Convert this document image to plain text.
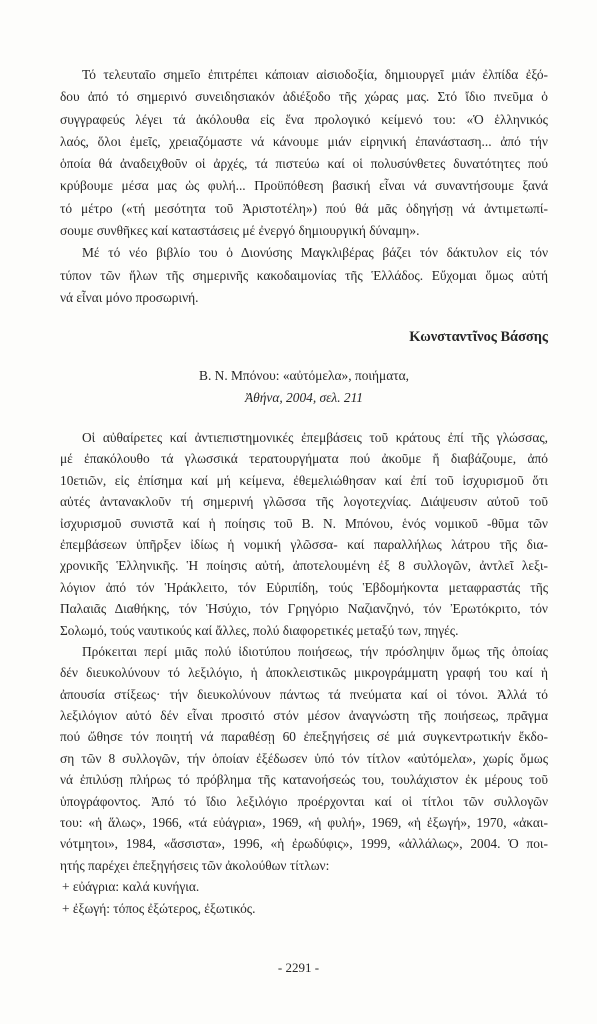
Τό τελευταῖο σημεῖο ἐπιτρέπει κάποιαν αἰσιοδοξία, δημιουργεῖ μιάν ἐλπίδα ἐξό-
δου ἀπό τό σημερινό συνειδησιακόν ἀδιέξοδο τῆς χώρας μας. Στό ἴδιο πνεῦμα ὁ
συγγραφεύς λέγει τά ἀκόλουθα εἰς ἕνα προλογικό κείμενό του: «Ὁ ἑλληνικός
λαός, ὅλοι ἐμεῖς, χρειαζόμαστε νά κάνουμε μιάν εἰρηνική ἐπανάσταση... ἀπό τήν
ὁποία θά ἀναδειχθοῦν οἱ ἀρχές, τά πιστεύω καί οἱ πολυσύνθετες δυνατότητες πού
κρύβουμε μέσα μας ὡς φυλή... Προϋπόθεση βασική εἶναι νά συναντήσουμε ξανά
τό μέτρο («τή μεσότητα τοῦ Ἀριστοτέλη») πού θά μᾶς ὁδηγήσῃ νά ἀντιμετωπί-
σουμε συνθῆκες καί καταστάσεις μέ ἐνεργό δημιουργική δύναμη».
Μέ τό νέο βιβλίο του ὁ Διονύσης Μαγκλιβέρας βάζει τόν δάκτυλον εἰς τόν
τύπον τῶν ἥλων τῆς σημερινῆς κακοδαιμονίας τῆς Ἑλλάδος. Εὔχομαι ὅμως αὐτή
νά εἶναι μόνο προσωρινή.
Κωνσταντῖνος Βάσσης
Β. Ν. Μπόνου: «αὐτόμελα», ποιήματα,
Ἀθήνα, 2004, σελ. 211
Οἱ αὐθαίρετες καί ἀντιεπιστημονικές ἐπεμβάσεις τοῦ κράτους ἐπί τῆς γλώσσας,
μέ ἐπακόλουθο τά γλωσσικά τερατουργήματα πού ἀκοῦμε ἤ διαβάζουμε, ἀπό
10ετιῶν, εἰς ἐπίσημα καί μή κείμενα, ἐθεμελιώθησαν καί ἐπί τοῦ ἰσχυρισμοῦ ὅτι
αὐτές ἀντανακλοῦν τή σημερινή γλῶσσα τῆς λογοτεχνίας. Διάψευσιν αὐτοῦ τοῦ
ἰσχυρισμοῦ συνιστᾶ καί ἡ ποίησις τοῦ Β. Ν. Μπόνου, ἑνός νομικοῦ -θῦμα τῶν
ἐπεμβάσεων ὑπῆρξεν ἰδίως ἡ νομική γλῶσσα- καί παραλλήλως λάτρου τῆς δια-
χρονικῆς Ἑλληνικῆς. Ἡ ποίησις αὐτή, ἀποτελουμένη ἐξ 8 συλλογῶν, ἀντλεῖ λεξι-
λόγιον ἀπό τόν Ἡράκλειτο, τόν Εὐριπίδη, τούς Ἑβδομήκοντα μεταφραστάς τῆς
Παλαιᾶς Διαθήκης, τόν Ἡσύχιο, τόν Γρηγόριο Ναζιανζηνό, τόν Ἐρωτόκριτο, τόν
Σολωμό, τούς ναυτικούς καί ἄλλες, πολύ διαφορετικές μεταξύ των, πηγές.
Πρόκειται περί μιᾶς πολύ ἰδιοτύπου ποιήσεως, τήν πρόσληψιν ὅμως τῆς ὁποίας
δέν διευκολύνουν τό λεξιλόγιο, ἡ ἀποκλειστικῶς μικρογράμματη γραφή του καί ἡ
ἀπουσία στίξεως· τήν διευκολύνουν πάντως τά πνεύματα καί οἱ τόνοι. Ἀλλά τό
λεξιλόγιον αὐτό δέν εἶναι προσιτό στόν μέσον ἀναγνώστη τῆς ποιήσεως, πρᾶγμα
πού ὤθησε τόν ποιητή νά παραθέσῃ 60 ἐπεξηγήσεις σέ μιά συγκεντρωτικήν ἔκδο-
ση τῶν 8 συλλογῶν, τήν ὁποίαν ἐξέδωσεν ὑπό τόν τίτλον «αὐτόμελα», χωρίς ὅμως
νά ἐπιλύσῃ πλήρως τό πρόβλημα τῆς κατανοήσεώς του, τουλάχιστον ἐκ μέρους τοῦ
ὑπογράφοντος. Ἀπό τό ἴδιο λεξιλόγιο προέρχονται καί οἱ τίτλοι τῶν συλλογῶν
του: «ἡ ἅλως», 1966, «τά εὐάγρια», 1969, «ἡ φυλή», 1969, «ἡ ἐξωγή», 1970, «ἀκαι-
νότμητοι», 1984, «ἄσσιστα», 1996, «ἡ ἐρωδύφις», 1999, «ἀλλάλως», 2004. Ὁ ποι-
ητής παρέχει ἐπεξηγήσεις τῶν ἀκολούθων τίτλων:
+ εὐάγρια: καλά κυνήγια.
+ ἐξωγή: τόπος ἐξώτερος, ἐξωτικός.
- 2291 -
